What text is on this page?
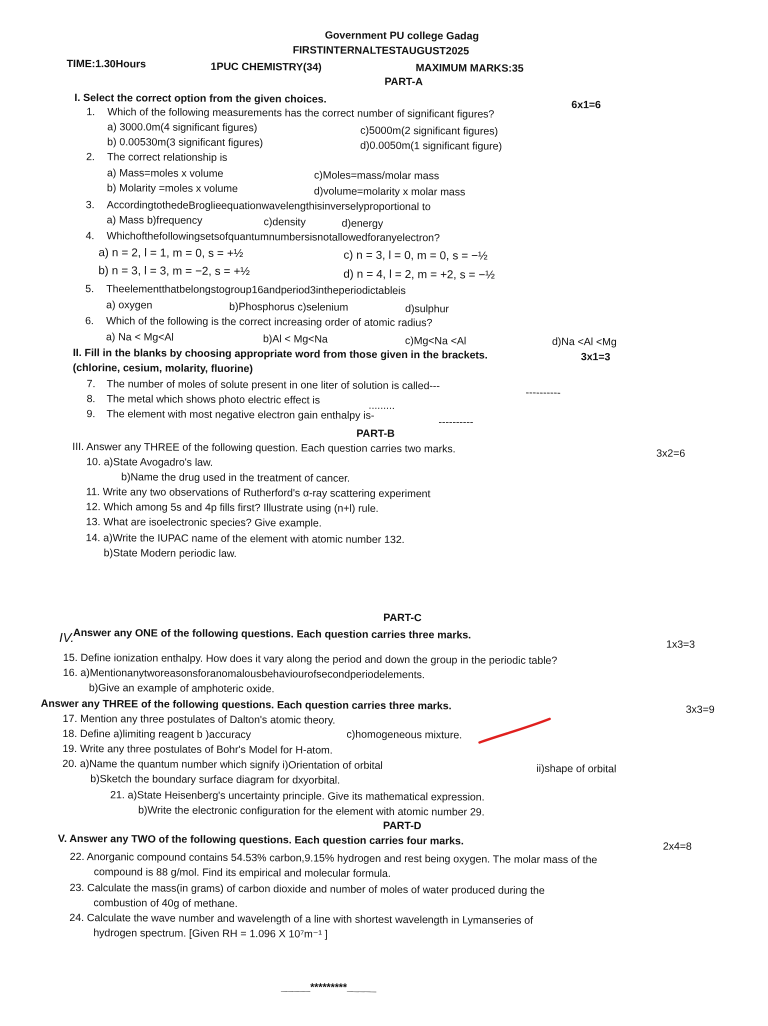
Government PU college Gadag
FIRSTINTERNALTESTAUGUST2025
TIME:1.30Hours	1PUC CHEMISTRY(34)	MAXIMUM MARKS:35
PART-A
I. Select the correct option from the given choices.	6x1=6
1. Which of the following measurements has the correct number of significant figures?
a) 3000.0m(4 significant figures)	c)5000m(2 significant figures)
b) 0.00530m(3 significant figures)	d)0.0050m(1 significant figure)
2. The correct relationship is
a) Mass=moles x volume	c)Moles=mass/molar mass
b) Molarity =moles x volume	d)volume=molarity x molar mass
3. AccordingtothedeBroglieequationwavelengthisinverselyproportional to
a) Mass b)frequency	c)density	d)energy
4. Whichofthefollowingsetsofquantumnumbersisnotallowedforanyelectron?
a) n = 2, l = 1, m = 0, s = +½	c) n = 3, l = 0, m = 0, s = −½
b) n = 3, l = 3, m = −2, s = +½	d) n = 4, l = 2, m = +2, s = −½
5. Theelementthatbelongstogroup16andperiod3intheperiodictableis
a) oxygen	b)Phosphorus c)selenium	d)sulphur
6. Which of the following is the correct increasing order of atomic radius?
a) Na < Mg<Al	b)Al < Mg<Na	c)Mg<Na <Al	d)Na <Al <Mg
II. Fill in the blanks by choosing appropriate word from those given in the brackets.	3x1=3
(chlorine, cesium, molarity, fluorine)
7. The number of moles of solute present in one liter of solution is called---
----------
8. The metal which shows photo electric effect is	.........
9. The element with most negative electron gain enthalpy is-
----------
PART-B
III. Answer any THREE of the following question. Each question carries two marks.	3x2=6
10. a)State Avogadro's law.
b)Name the drug used in the treatment of cancer.
11. Write any two observations of Rutherford's α-ray scattering experiment
12. Which among 5s and 4p fills first? Illustrate using (n+l) rule.
13. What are isoelectronic species? Give example.
14. a)Write the IUPAC name of the element with atomic number 132.
b)State Modern periodic law.
PART-C
IV. Answer any ONE of the following questions. Each question carries three marks.
1x3=3
15. Define ionization enthalpy. How does it vary along the period and down the group in the periodic table?
16. a)Mentionanytworeasonsforanomalousbehaviourofsecondperiodelements.
b)Give an example of amphoteric oxide.
Answer any THREE of the following questions. Each question carries three marks.	3x3=9
17. Mention any three postulates of Dalton's atomic theory.
18. Define a)limiting reagent b )accuracy	c)homogeneous mixture.
19. Write any three postulates of Bohr's Model for H-atom.
20. a)Name the quantum number which signify i)Orientation of orbital	ii)shape of orbital
b)Sketch the boundary surface diagram for dxyorbital.
21. a)State Heisenberg's uncertainty principle. Give its mathematical expression.
b)Write the electronic configuration for the element with atomic number 29.
PART-D
V. Answer any TWO of the following questions. Each question carries four marks.	2x4=8
22. Anorganic compound contains 54.53% carbon,9.15% hydrogen and rest being oxygen. The molar mass of the
compound is 88 g/mol. Find its empirical and molecular formula.
23. Calculate the mass(in grams) of carbon dioxide and number of moles of water produced during the
combustion of 40g of methane.
24. Calculate the wave number and wavelength of a line with shortest wavelength in Lymanseries of
hydrogen spectrum. [Given RH = 1.096 X 10⁷m⁻¹ ]
_____*********_____
